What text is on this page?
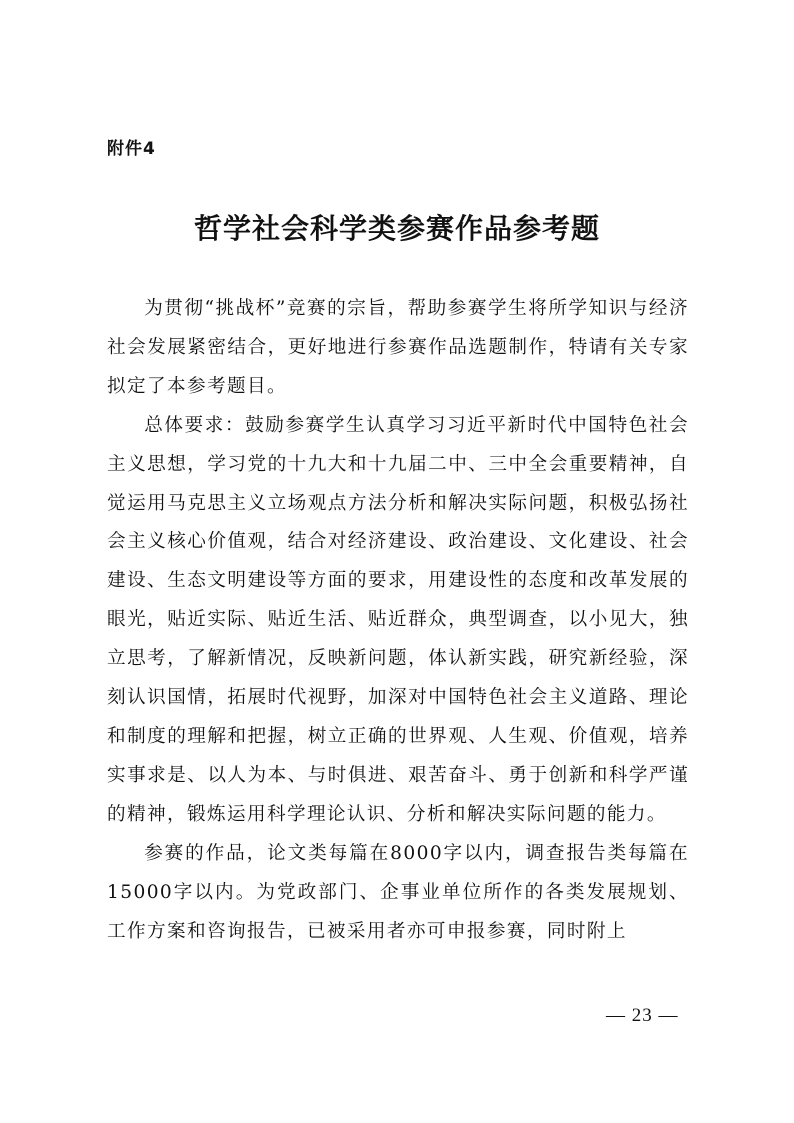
附件4
哲学社会科学类参赛作品参考题

为贯彻“挑战杯”竞赛的宗旨，帮助参赛学生将所学知识与经济社会发展紧密结合，更好地进行参赛作品选题制作，特请有关专家拟定了本参考题目。

总体要求：鼓励参赛学生认真学习习近平新时代中国特色社会主义思想，学习党的十九大和十九届二中、三中全会重要精神，自觉运用马克思主义立场观点方法分析和解决实际问题，积极弘扬社会主义核心价值观，结合对经济建设、政治建设、文化建设、社会建设、生态文明建设等方面的要求，用建设性的态度和改革发展的眼光，贴近实际、贴近生活、贴近群众，典型调查，以小见大，独立思考，了解新情况，反映新问题，体认新实践，研究新经验，深刻认识国情，拓展时代视野，加深对中国特色社会主义道路、理论和制度的理解和把握，树立正确的世界观、人生观、价值观，培养实事求是、以人为本、与时俱进、艰苦奋斗、勇于创新和科学严谨的精神，锻炼运用科学理论认识、分析和解决实际问题的能力。

参赛的作品，论文类每篇在8000字以内，调查报告类每篇在15000字以内。为党政部门、企事业单位所作的各类发展规划、工作方案和咨询报告，已被采用者亦可申报参赛，同时附上

— 23 —
